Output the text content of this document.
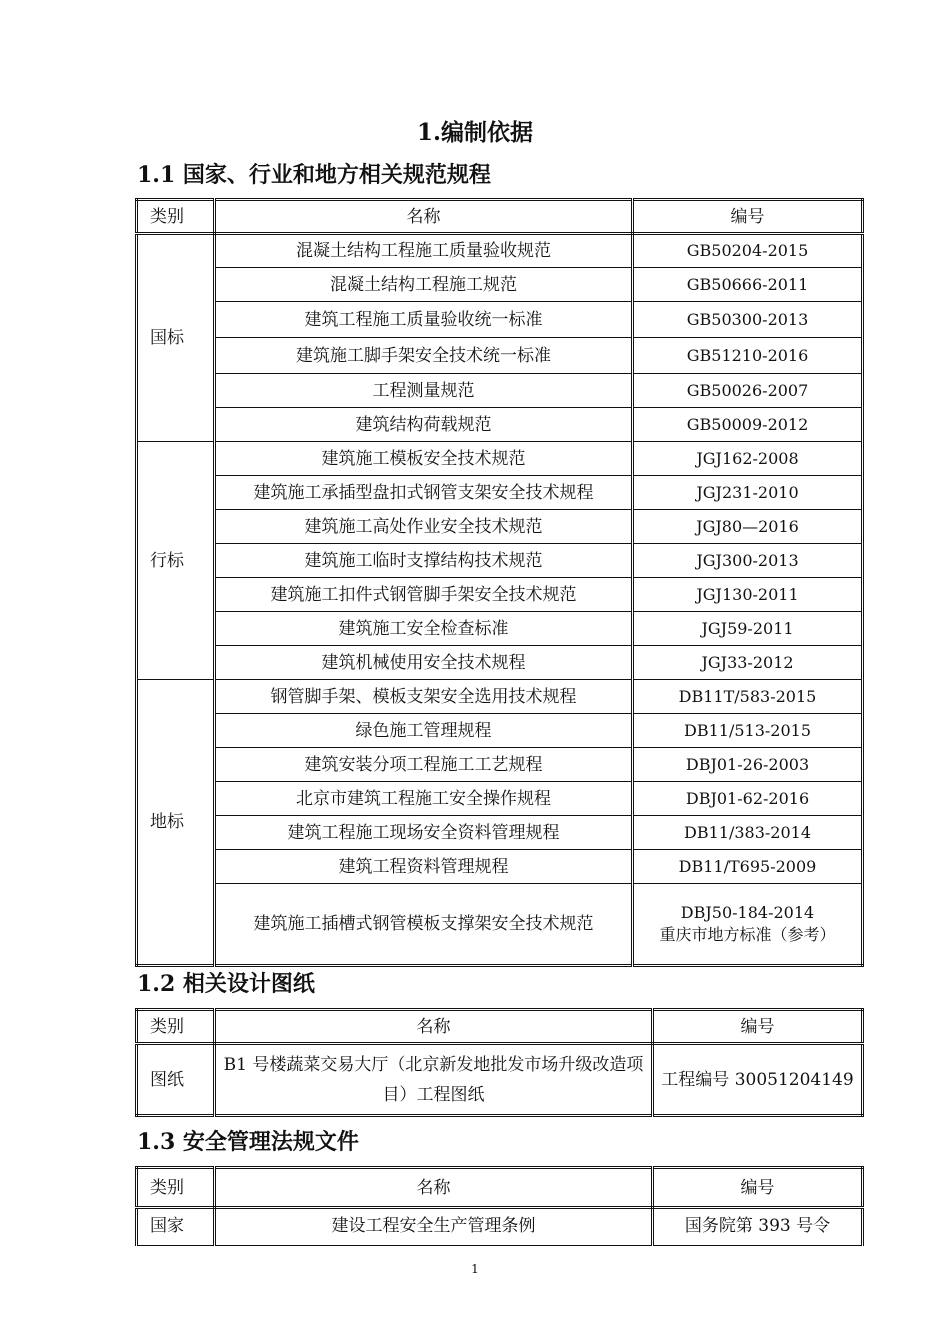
1.编制依据
1.1 国家、行业和地方相关规范规程
类别	名称	编号
国标	混凝土结构工程施工质量验收规范	GB50204-2015

	混凝土结构工程施工规范	GB50666-2011

	建筑工程施工质量验收统一标准	GB50300-2013

	建筑施工脚手架安全技术统一标准	GB51210-2016

	工程测量规范	GB50026-2007

	建筑结构荷载规范	GB50009-2012

行标	建筑施工模板安全技术规范	JGJ162-2008

	建筑施工承插型盘扣式钢管支架安全技术规程	JGJ231-2010

	建筑施工高处作业安全技术规范	JGJ80—2016

	建筑施工临时支撑结构技术规范	JGJ300-2013

	建筑施工扣件式钢管脚手架安全技术规范	JGJ130-2011

	建筑施工安全检查标准	JGJ59-2011

	建筑机械使用安全技术规程	JGJ33-2012

地标	钢管脚手架、模板支架安全选用技术规程	DB11T/583-2015

	绿色施工管理规程	DB11/513-2015

	建筑安装分项工程施工工艺规程	DBJ01-26-2003

	北京市建筑工程施工安全操作规程	DBJ01-62-2016

	建筑工程施工现场安全资料管理规程	DB11/383-2014

	建筑工程资料管理规程	DB11/T695-2009

	建筑施工插槽式钢管模板支撑架安全技术规范	DBJ50-184-2014
重庆市地方标准（参考）
1.2 相关设计图纸
类别	名称	编号
图纸	B1 号楼蔬菜交易大厅（北京新发地批发市场升级改造项目）工程图纸	工程编号 30051204149
1.3 安全管理法规文件
类别	名称	编号
国家	建设工程安全生产管理条例	国务院第 393 号令
1
